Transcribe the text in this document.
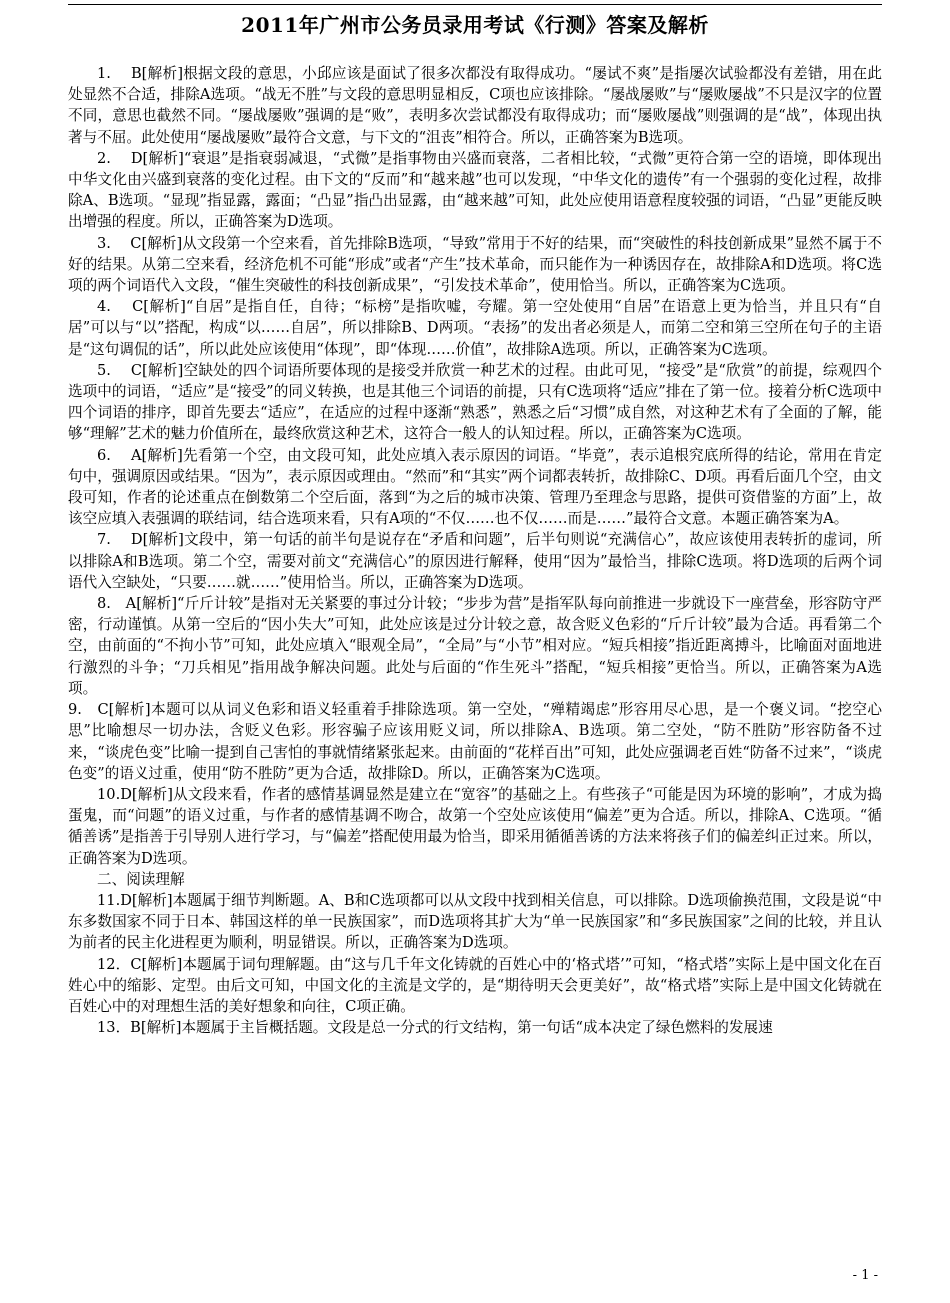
2011年广州市公务员录用考试《行测》答案及解析

1.　 B[解析]根据文段的意思，小邱应该是面试了很多次都没有取得成功。“屡试不爽”是指屡次试验都没有差错，用在此处显然不合适，排除A选项。“战无不胜”与文段的意思明显相反，C项也应该排除。“屡战屡败”与“屡败屡战”不只是汉字的位置不同，意思也截然不同。“屡战屡败”强调的是“败”，表明多次尝试都没有取得成功；而“屡败屡战”则强调的是“战”，体现出执著与不屈。此处使用“屡战屡败”最符合文意，与下文的“沮丧”相符合。所以，正确答案为B选项。

2.　 D[解析]“衰退”是指衰弱减退，“式微”是指事物由兴盛而衰落，二者相比较，“式微”更符合第一空的语境，即体现出中华文化由兴盛到衰落的变化过程。由下文的“反而”和“越来越”也可以发现，“中华文化的遗传”有一个强弱的变化过程，故排除A、B选项。“显现”指显露，露面；“凸显”指凸出显露，由“越来越”可知，此处应使用语意程度较强的词语，“凸显”更能反映出增强的程度。所以，正确答案为D选项。

3.　 C[解析]从文段第一个空来看，首先排除B选项，“导致”常用于不好的结果，而“突破性的科技创新成果”显然不属于不好的结果。从第二空来看，经济危机不可能“形成”或者“产生”技术革命，而只能作为一种诱因存在，故排除A和D选项。将C选项的两个词语代入文段，“催生突破性的科技创新成果”，“引发技术革命”，使用恰当。所以，正确答案为C选项。

4.　 C[解析]“自居”是指自任，自待；“标榜”是指吹嘘，夸耀。第一空处使用“自居”在语意上更为恰当，并且只有“自居”可以与“以”搭配，构成“以……自居”，所以排除B、D两项。“表扬”的发出者必须是人，而第二空和第三空所在句子的主语是“这句调侃的话”，所以此处应该使用“体现”，即“体现……价值”，故排除A选项。所以，正确答案为C选项。

5.　 C[解析]空缺处的四个词语所要体现的是接受并欣赏一种艺术的过程。由此可见，“接受”是“欣赏”的前提，综观四个选项中的词语，“适应”是“接受”的同义转换，也是其他三个词语的前提，只有C选项将“适应”排在了第一位。接着分析C选项中四个词语的排序，即首先要去“适应”，在适应的过程中逐渐“熟悉”，熟悉之后“习惯”成自然，对这种艺术有了全面的了解，能够“理解”艺术的魅力价值所在，最终欣赏这种艺术，这符合一般人的认知过程。所以，正确答案为C选项。

6.　 A[解析]先看第一个空，由文段可知，此处应填入表示原因的词语。“毕竟”，表示追根究底所得的结论，常用在肯定句中，强调原因或结果。“因为”，表示原因或理由。“然而”和“其实”两个词都表转折，故排除C、D项。再看后面几个空，由文段可知，作者的论述重点在倒数第二个空后面，落到“为之后的城市决策、管理乃至理念与思路，提供可资借鉴的方面”上，故该空应填入表强调的联结词，结合选项来看，只有A项的“不仅……也不仅……而是……”最符合文意。本题正确答案为A。

7.　 D[解析]文段中，第一句话的前半句是说存在“矛盾和问题”，后半句则说“充满信心”，故应该使用表转折的虚词，所以排除A和B选项。第二个空，需要对前文“充满信心”的原因进行解释，使用“因为”最恰当，排除C选项。将D选项的后两个词语代入空缺处，“只要……就……”使用恰当。所以，正确答案为D选项。

8.　A[解析]“斤斤计较”是指对无关紧要的事过分计较；“步步为营”是指军队每向前推进一步就设下一座营垒，形容防守严密，行动谨慎。从第一空后的“因小失大”可知，此处应该是过分计较之意，故含贬义色彩的“斤斤计较”最为合适。再看第二个空，由前面的“不拘小节”可知，此处应填入“眼观全局”，“全局”与“小节”相对应。“短兵相接”指近距离搏斗，比喻面对面地进行激烈的斗争；“刀兵相见”指用战争解决问题。此处与后面的“作生死斗”搭配，“短兵相接”更恰当。所以，正确答案为A选项。

9.　C[解析]本题可以从词义色彩和语义轻重着手排除选项。第一空处，“殚精竭虑”形容用尽心思，是一个褒义词。“挖空心思”比喻想尽一切办法，含贬义色彩。形容骗子应该用贬义词，所以排除A、B选项。第二空处，“防不胜防”形容防备不过来，“谈虎色变”比喻一提到自己害怕的事就情绪紧张起来。由前面的“花样百出”可知，此处应强调老百姓“防备不过来”，“谈虎色变”的语义过重，使用“防不胜防”更为合适，故排除D。所以，正确答案为C选项。

10.D[解析]从文段来看，作者的感情基调显然是建立在“宽容”的基础之上。有些孩子“可能是因为环境的影响”，才成为捣蛋鬼，而“问题”的语义过重，与作者的感情基调不吻合，故第一个空处应该使用“偏差”更为合适。所以，排除A、C选项。“循循善诱”是指善于引导别人进行学习，与“偏差”搭配使用最为恰当，即采用循循善诱的方法来将孩子们的偏差纠正过来。所以，正确答案为D选项。

二、阅读理解

11.D[解析]本题属于细节判断题。A、B和C选项都可以从文段中找到相关信息，可以排除。D选项偷换范围，文段是说“中东多数国家不同于日本、韩国这样的单一民族国家”，而D选项将其扩大为“单一民族国家”和“多民族国家”之间的比较，并且认为前者的民主化进程更为顺利，明显错误。所以，正确答案为D选项。

12．C[解析]本题属于词句理解题。由“这与几千年文化铸就的百姓心中的‘格式塔’”可知，“格式塔”实际上是中国文化在百姓心中的缩影、定型。由后文可知，中国文化的主流是文学的，是“期待明天会更美好”，故“格式塔”实际上是中国文化铸就在百姓心中的对理想生活的美好想象和向往，C项正确。

13．B[解析]本题属于主旨概括题。文段是总一分式的行文结构，第一句话“成本决定了绿色燃料的发展速

- 1 -
